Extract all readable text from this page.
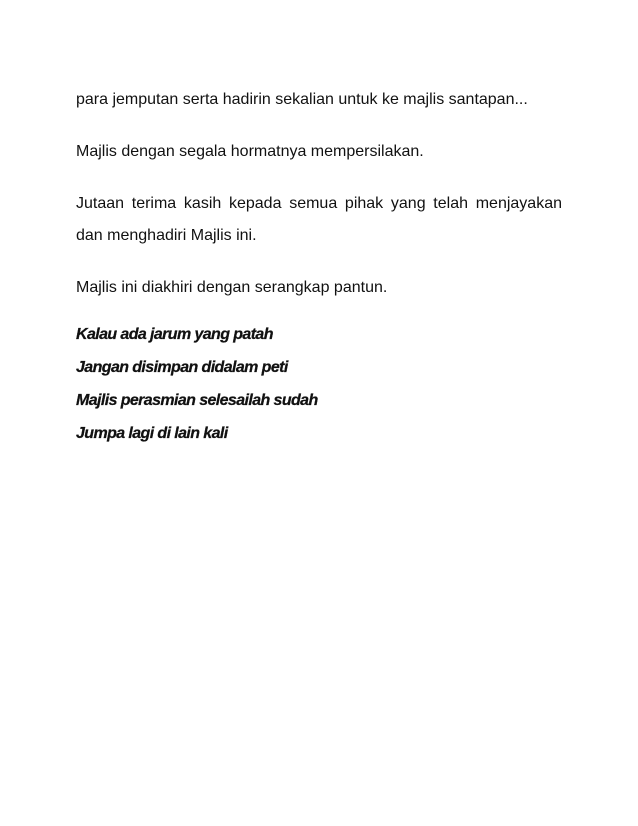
para jemputan serta hadirin sekalian untuk ke majlis santapan...

Majlis dengan segala hormatnya mempersilakan.

Jutaan terima kasih kepada semua pihak yang telah menjayakan dan menghadiri Majlis ini.

Majlis ini diakhiri dengan serangkap pantun.

Kalau ada jarum yang patah
Jangan disimpan didalam peti
Majlis perasmian selesailah sudah
Jumpa lagi di lain kali
